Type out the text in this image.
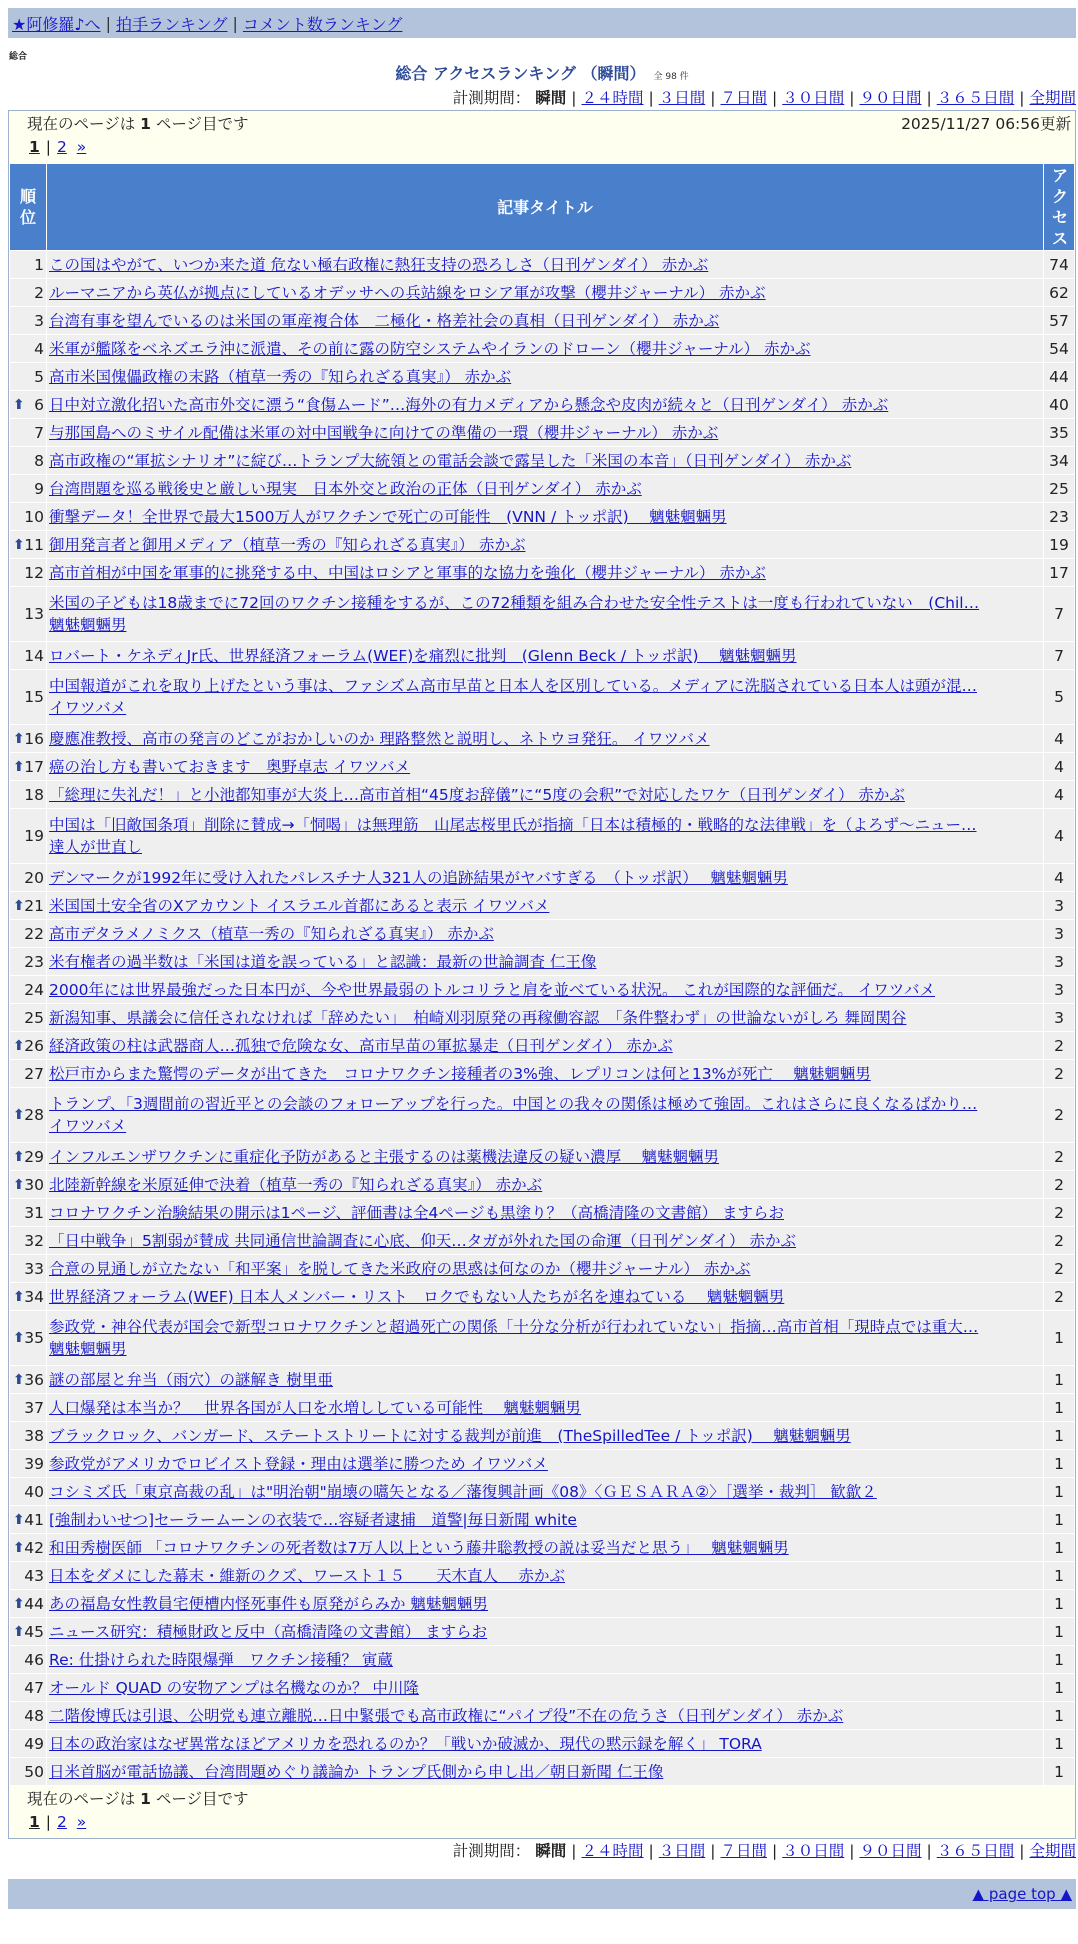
★阿修羅♪へ | 拍手ランキング | コメント数ランキング
総合
総合 アクセスランキング （瞬間） 全 98 件
計測期間： 瞬間 | ２４時間 | ３日間 | ７日間 | ３０日間 | ９０日間 | ３６５日間 | 全期間
現在のページは 1 ページ目です	2025/11/27 06:56更新
1 | 2 »
順位	記事タイトル	アクセス

1	この国はやがて、いつか来た道 危ない極右政権に熱狂支持の恐ろしさ（日刊ゲンダイ） 赤かぶ	74
2	ルーマニアから英仏が拠点にしているオデッサへの兵站線をロシア軍が攻撃（櫻井ジャーナル） 赤かぶ	62
3	台湾有事を望んでいるのは米国の軍産複合体　二極化・格差社会の真相（日刊ゲンダイ） 赤かぶ	57
4	米軍が艦隊をベネズエラ沖に派遣、その前に露の防空システムやイランのドローン（櫻井ジャーナル） 赤かぶ	54
5	高市米国傀儡政権の末路（植草一秀の『知られざる真実』） 赤かぶ	44

⬆ 6	日中対立激化招いた高市外交に漂う“食傷ムード”…海外の有力メディアから懸念や皮肉が続々と（日刊ゲンダイ） 赤かぶ	40
7	与那国島へのミサイル配備は米軍の対中国戦争に向けての準備の一環（櫻井ジャーナル） 赤かぶ	35
8	高市政権の“軍拡シナリオ”に綻び…トランプ大統領との電話会談で露呈した「米国の本音」（日刊ゲンダイ） 赤かぶ	34
9	台湾問題を巡る戦後史と厳しい現実　日本外交と政治の正体（日刊ゲンダイ） 赤かぶ	25
10	衝撃データ！全世界で最大1500万人がワクチンで死亡の可能性　(VNN / トッポ訳)　 魑魅魍魎男	23

⬆ 11	御用発言者と御用メディア（植草一秀の『知られざる真実』） 赤かぶ	19
12	高市首相が中国を軍事的に挑発する中、中国はロシアと軍事的な協力を強化（櫻井ジャーナル） 赤かぶ	17
13	米国の子どもは18歳までに72回のワクチン接種をするが、この72種類を組み合わせた安全性テストは一度も行われていない　(Chil…
魑魅魍魎男	7
14	ロバート・ケネディJr氏、世界経済フォーラム(WEF)を痛烈に批判　(Glenn Beck / トッポ訳)　 魑魅魍魎男	7
15	中国報道がこれを取り上げたという事は、ファシズム高市早苗と日本人を区別している。メディアに洗脳されている日本人は頭が混…
イワツバメ	5

⬆ 16	慶應准教授、高市の発言のどこがおかしいのか 理路整然と説明し、ネトウヨ発狂。 イワツバメ	4

⬆ 17	癌の治し方も書いておきます　奥野卓志 イワツバメ	4
18	「総理に失礼だ！」と小池都知事が大炎上…高市首相“45度お辞儀”に“5度の会釈”で対応したワケ（日刊ゲンダイ） 赤かぶ	4
19	中国は「旧敵国条項」削除に賛成→「恫喝」は無理筋　山尾志桜里氏が指摘「日本は積極的・戦略的な法律戦」を（よろず〜ニュー…
達人が世直し	4
20	デンマークが1992年に受け入れたパレスチナ人321人の追跡結果がヤバすぎる　（トッポ訳）　 魑魅魍魎男	4

⬆ 21	米国国土安全省のXアカウント イスラエル首都にあると表示 イワツバメ	3
22	高市デタラメノミクス（植草一秀の『知られざる真実』） 赤かぶ	3
23	米有権者の過半数は「米国は道を誤っている」と認識：最新の世論調査 仁王像	3
24	2000年には世界最強だった日本円が、今や世界最弱のトルコリラと肩を並べている状況。 これが国際的な評価だ。 イワツバメ	3
25	新潟知事、県議会に信任されなければ「辞めたい」　柏崎刈羽原発の再稼働容認　「条件整わず」の世論ないがしろ 舞岡関谷	3

⬆ 26	経済政策の柱は武器商人…孤独で危険な女、高市早苗の軍拡暴走（日刊ゲンダイ） 赤かぶ	2
27	松戸市からまた驚愕のデータが出てきた　コロナワクチン接種者の3%強、レプリコンは何と13%が死亡　 魑魅魍魎男	2

⬆ 28	トランプ、「3週間前の習近平との会談のフォローアップを行った。中国との我々の関係は極めて強固。これはさらに良くなるばかり…
イワツバメ	2

⬆ 29	インフルエンザワクチンに重症化予防があると主張するのは薬機法違反の疑い濃厚　 魑魅魍魎男	2

⬆ 30	北陸新幹線を米原延伸で決着（植草一秀の『知られざる真実』） 赤かぶ	2
31	コロナワクチン治験結果の開示は1ページ、評価書は全4ページも黒塗り？（高橋清隆の文書館） ますらお	2
32	「日中戦争」5割弱が賛成 共同通信世論調査に心底、仰天…タガが外れた国の命運（日刊ゲンダイ） 赤かぶ	2
33	合意の見通しが立たない「和平案」を脱してきた米政府の思惑は何なのか（櫻井ジャーナル） 赤かぶ	2

⬆ 34	世界経済フォーラム(WEF) 日本人メンバー・リスト　ロクでもない人たちが名を連ねている　 魑魅魍魎男	2

⬆ 35	参政党・神谷代表が国会で新型コロナワクチンと超過死亡の関係「十分な分析が行われていない」指摘…高市首相「現時点では重大…
魑魅魍魎男	1

⬆ 36	謎の部屋と弁当（雨穴）の謎解き 樹里亜	1
37	人口爆発は本当か？　世界各国が人口を水増ししている可能性　 魑魅魍魎男	1
38	ブラックロック、バンガード、ステートストリートに対する裁判が前進　(TheSpilledTee / トッポ訳)　 魑魅魍魎男	1
39	参政党がアメリカでロビイスト登録・理由は選挙に勝つため イワツバメ	1
40	コシミズ氏「東京高裁の乱」は"明治朝"崩壊の嚆矢となる／藩復興計画《08》〈ＧＥＳＡＲＡ②〉［選挙・裁判］ 歓歙２	1

⬆ 41	[強制わいせつ]セーラームーンの衣装で…容疑者逮捕　道警|毎日新聞 white	1

⬆ 42	和田秀樹医師 「コロナワクチンの死者数は7万人以上という藤井聡教授の説は妥当だと思う」　 魑魅魍魎男	1
43	日本をダメにした幕末・維新のクズ、ワースト１５　　天木直人　 赤かぶ	1

⬆ 44	あの福島女性教員宅便槽内怪死事件も原発がらみか 魑魅魍魎男	1

⬆ 45	ニュース研究：積極財政と反中（高橋清隆の文書館） ますらお	1
46	Re: 仕掛けられた時限爆弾　ワクチン接種？ 寅蔵	1
47	オールド QUAD の安物アンプは名機なのか？ 中川隆	1
48	二階俊博氏は引退、公明党も連立離脱…日中緊張でも高市政権に“パイプ役”不在の危うさ（日刊ゲンダイ） 赤かぶ	1
49	日本の政治家はなぜ異常なほどアメリカを恐れるのか？「戦いか破滅か、現代の黙示録を解く」 TORA	1
50	日米首脳が電話協議、台湾問題めぐり議論か トランプ氏側から申し出／朝日新聞 仁王像	1
現在のページは 1 ページ目です
1 | 2 »
計測期間： 瞬間 | ２４時間 | ３日間 | ７日間 | ３０日間 | ９０日間 | ３６５日間 | 全期間
▲ page top ▲
